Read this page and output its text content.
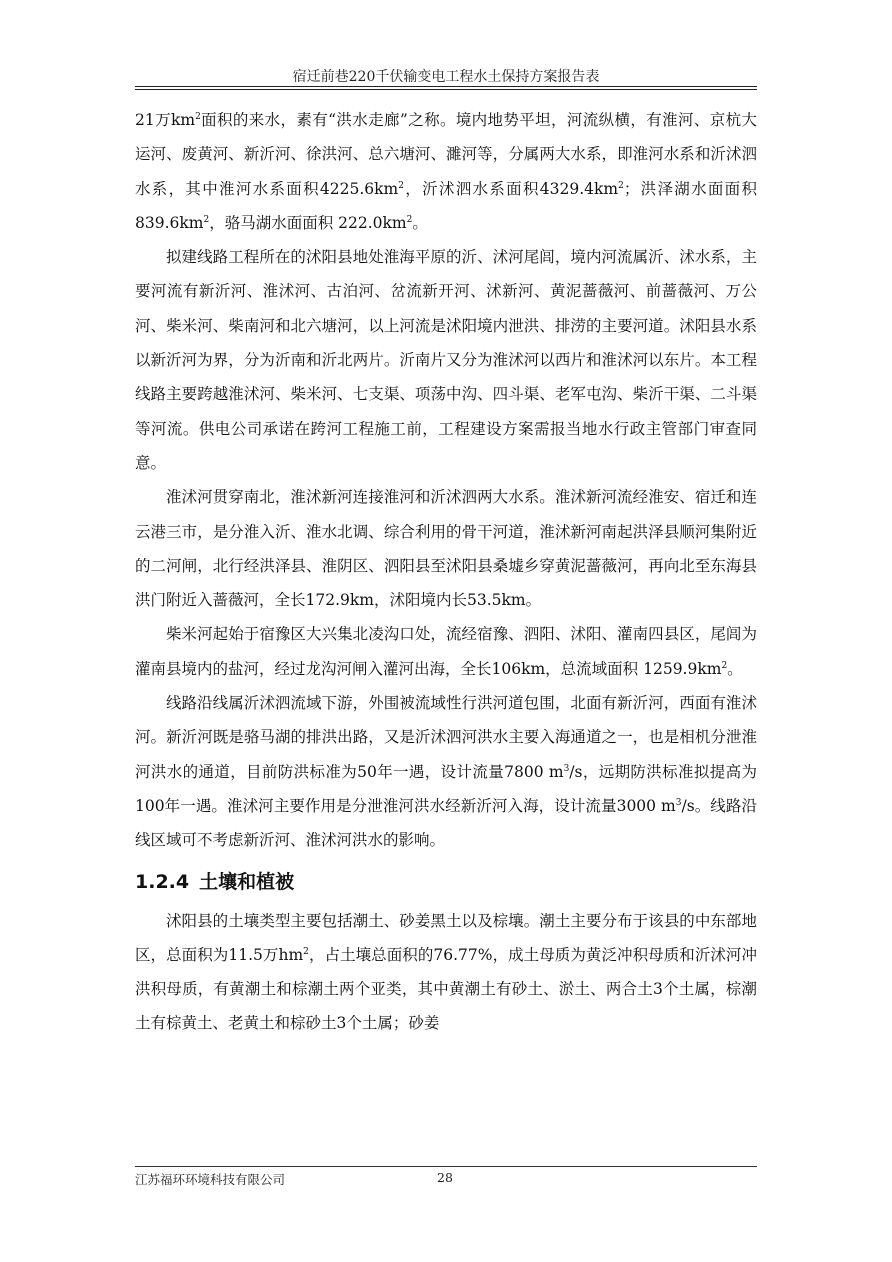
宿迁前巷220千伏输变电工程水土保持方案报告表

21万$km^2$面积的来水，素有“洪水走廊”之称。境内地势平坦，河流纵横，有淮河、京杭大运河、废黄河、新沂河、徐洪河、总六塘河、濉河等，分属两大水系，即淮河水系和沂沭泗水系，其中淮河水系面积$4225.6km^2$，沂沭泗水系面积$4329.4km^2$；洪泽湖水面面积 $839.6km^2$，骆马湖水面面积 $222.0km^2$。

拟建线路工程所在的沭阳县地处淮海平原的沂、沭河尾闾，境内河流属沂、沭水系，主要河流有新沂河、淮沭河、古泊河、岔流新开河、沭新河、黄泥蔷薇河、前蔷薇河、万公河、柴米河、柴南河和北六塘河，以上河流是沭阳境内泄洪、排涝的主要河道。沭阳县水系以新沂河为界，分为沂南和沂北两片。沂南片又分为淮沭河以西片和淮沭河以东片。本工程线路主要跨越淮沭河、柴米河、七支渠、项荡中沟、四斗渠、老军屯沟、柴沂干渠、二斗渠等河流。供电公司承诺在跨河工程施工前，工程建设方案需报当地水行政主管部门审查同意。

淮沭河贯穿南北，淮沭新河连接淮河和沂沭泗两大水系。淮沭新河流经淮安、宿迁和连云港三市，是分淮入沂、淮水北调、综合利用的骨干河道，淮沭新河南起洪泽县顺河集附近的二河闸，北行经洪泽县、淮阴区、泗阳县至沭阳县桑墟乡穿黄泥蔷薇河，再向北至东海县洪门附近入蔷薇河，全长172.9km，沭阳境内长53.5km。

柴米河起始于宿豫区大兴集北凌沟口处，流经宿豫、泗阳、沭阳、灌南四县区，尾闾为灌南县境内的盐河，经过龙沟河闸入灌河出海，全长106km，总流域面积 $1259.9km^2$。

线路沿线属沂沭泗流域下游，外围被流域性行洪河道包围，北面有新沂河，西面有淮沭河。新沂河既是骆马湖的排洪出路，又是沂沭泗河洪水主要入海通道之一，也是相机分泄淮河洪水的通道，目前防洪标准为50年一遇，设计流量7800 $m^3/s$，远期防洪标准拟提高为100年一遇。淮沭河主要作用是分泄淮河洪水经新沂河入海，设计流量3000 $m^3/s$。线路沿线区域可不考虑新沂河、淮沭河洪水的影响。

1.2.4 土壤和植被

沭阳县的土壤类型主要包括潮土、砂姜黑土以及棕壤。潮土主要分布于该县的中东部地区，总面积为11.5万$hm^2$，占土壤总面积的76.77%，成土母质为黄泛冲积母质和沂沭河冲洪积母质，有黄潮土和棕潮土两个亚类，其中黄潮土有砂土、淤土、两合土3个土属，棕潮土有棕黄土、老黄土和棕砂土3个土属；砂姜

江苏福环环境科技有限公司	28
